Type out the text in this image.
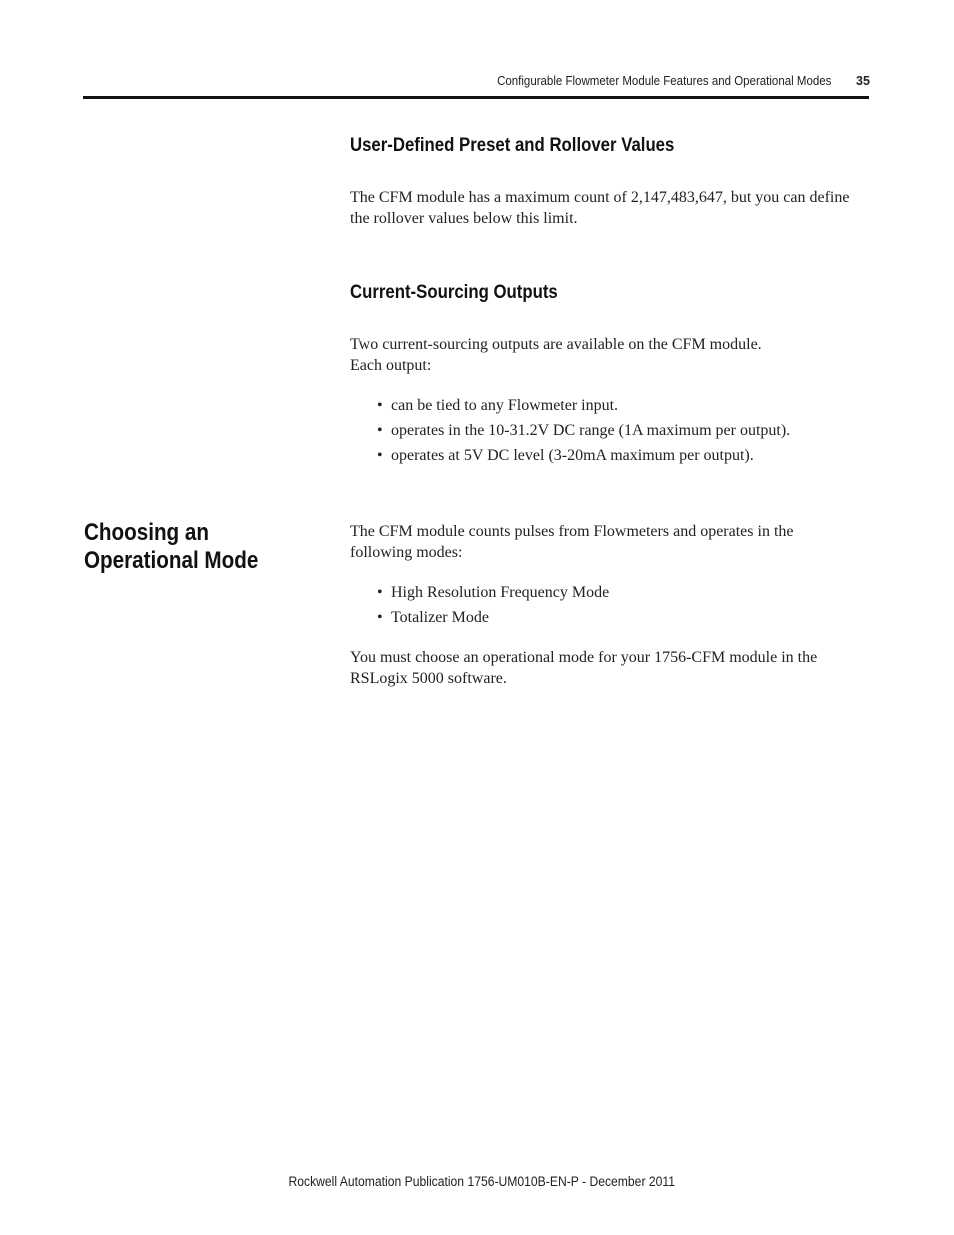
Configurable Flowmeter Module Features and Operational Modes 35
User-Defined Preset and Rollover Values

The CFM module has a maximum count of 2,147,483,647, but you can define
the rollover values below this limit.

Current-Sourcing Outputs

Two current-sourcing outputs are available on the CFM module.
Each output:

• can be tied to any Flowmeter input.
• operates in the 10-31.2V DC range (1A maximum per output).
• operates at 5V DC level (3-20mA maximum per output).
Choosing an
Operational Mode

The CFM module counts pulses from Flowmeters and operates in the
following modes:

• High Resolution Frequency Mode
• Totalizer Mode

You must choose an operational mode for your 1756-CFM module in the
RSLogix 5000 software.

Rockwell Automation Publication 1756-UM010B-EN-P - December 2011
